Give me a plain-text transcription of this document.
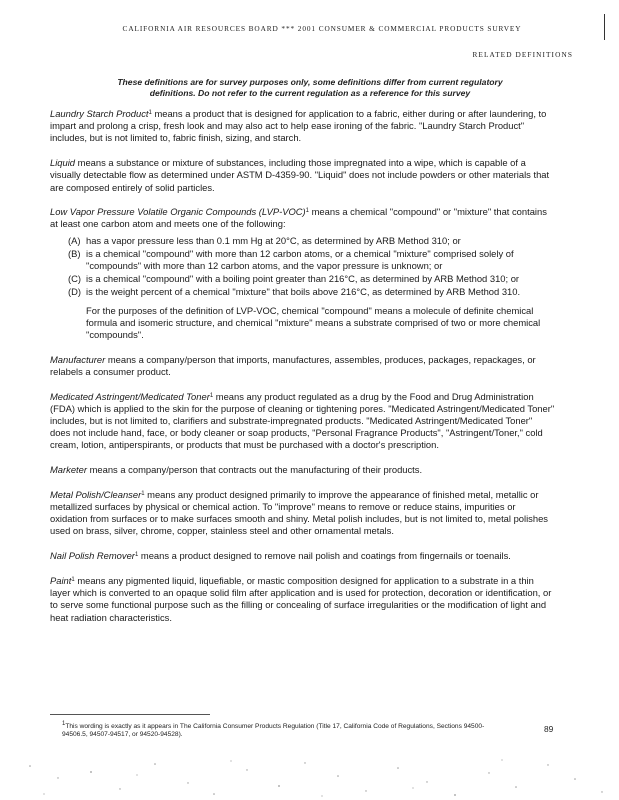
CALIFORNIA AIR RESOURCES BOARD *** 2001 CONSUMER & COMMERCIAL PRODUCTS SURVEY
RELATED DEFINITIONS
These definitions are for survey purposes only, some definitions differ from current regulatory
definitions. Do not refer to the current regulation as a reference for this survey

Laundry Starch Product$^1$ means a product that is designed for application to a fabric, either during or after laundering, to impart and prolong a crisp, fresh look and may also act to help ease ironing of the fabric. "Laundry Starch Product" includes, but is not limited to, fabric finish, sizing, and starch.

Liquid means a substance or mixture of substances, including those impregnated into a wipe, which is capable of a visually detectable flow as determined under ASTM D-4359-90. "Liquid" does not include powders or other materials that are composed entirely of solid particles.

Low Vapor Pressure Volatile Organic Compounds $(LVP-VOC)^1$ means a chemical "compound" or "mixture" that contains at least one carbon atom and meets one of the following:

(A) has a vapor pressure less than 0.1 mm Hg at 20°C, as determined by ARB Method 310; or
(B) is a chemical "compound" with more than 12 carbon atoms, or a chemical "mixture" comprised solely of "compounds" with more than 12 carbon atoms, and the vapor pressure is unknown; or
(C) is a chemical "compound" with a boiling point greater than 216°C, as determined by ARB Method 310; or
(D) is the weight percent of a chemical "mixture" that boils above 216°C, as determined by ARB Method 310.

For the purposes of the definition of LVP-VOC, chemical "compound" means a molecule of definite chemical formula and isomeric structure, and chemical "mixture" means a substrate comprised of two or more chemical "compounds".

Manufacturer means a company/person that imports, manufactures, assembles, produces, packages, repackages, or relabels a consumer product.

Medicated Astringent/Medicated Toner$^1$ means any product regulated as a drug by the Food and Drug Administration (FDA) which is applied to the skin for the purpose of cleaning or tightening pores. "Medicated Astringent/Medicated Toner" includes, but is not limited to, clarifiers and substrate-impregnated products. "Medicated Astringent/Medicated Toner" does not include hand, face, or body cleaner or soap products, "Personal Fragrance Products", "Astringent/Toner," cold cream, lotion, antiperspirants, or products that must be purchased with a doctor's prescription.

Marketer means a company/person that contracts out the manufacturing of their products.

Metal Polish/Cleanser$^1$ means any product designed primarily to improve the appearance of finished metal, metallic or metallized surfaces by physical or chemical action. To "improve" means to remove or reduce stains, impurities or oxidation from surfaces or to make surfaces smooth and shiny. Metal polish includes, but is not limited to, metal polishes used on brass, silver, chrome, copper, stainless steel and other ornamental metals.

Nail Polish Remover$^1$ means a product designed to remove nail polish and coatings from fingernails or toenails.

Paint$^1$ means any pigmented liquid, liquefiable, or mastic composition designed for application to a substrate in a thin layer which is converted to an opaque solid film after application and is used for protection, decoration or identification, or to serve some functional purpose such as the filling or concealing of surface irregularities or the modification of light and heat radiation characteristics.

$^1$This wording is exactly as it appears in The California Consumer Products Regulation (Title 17, California Code of Regulations, Sections 94500-94506.5, 94507-94517, or 94520-94528).
89
